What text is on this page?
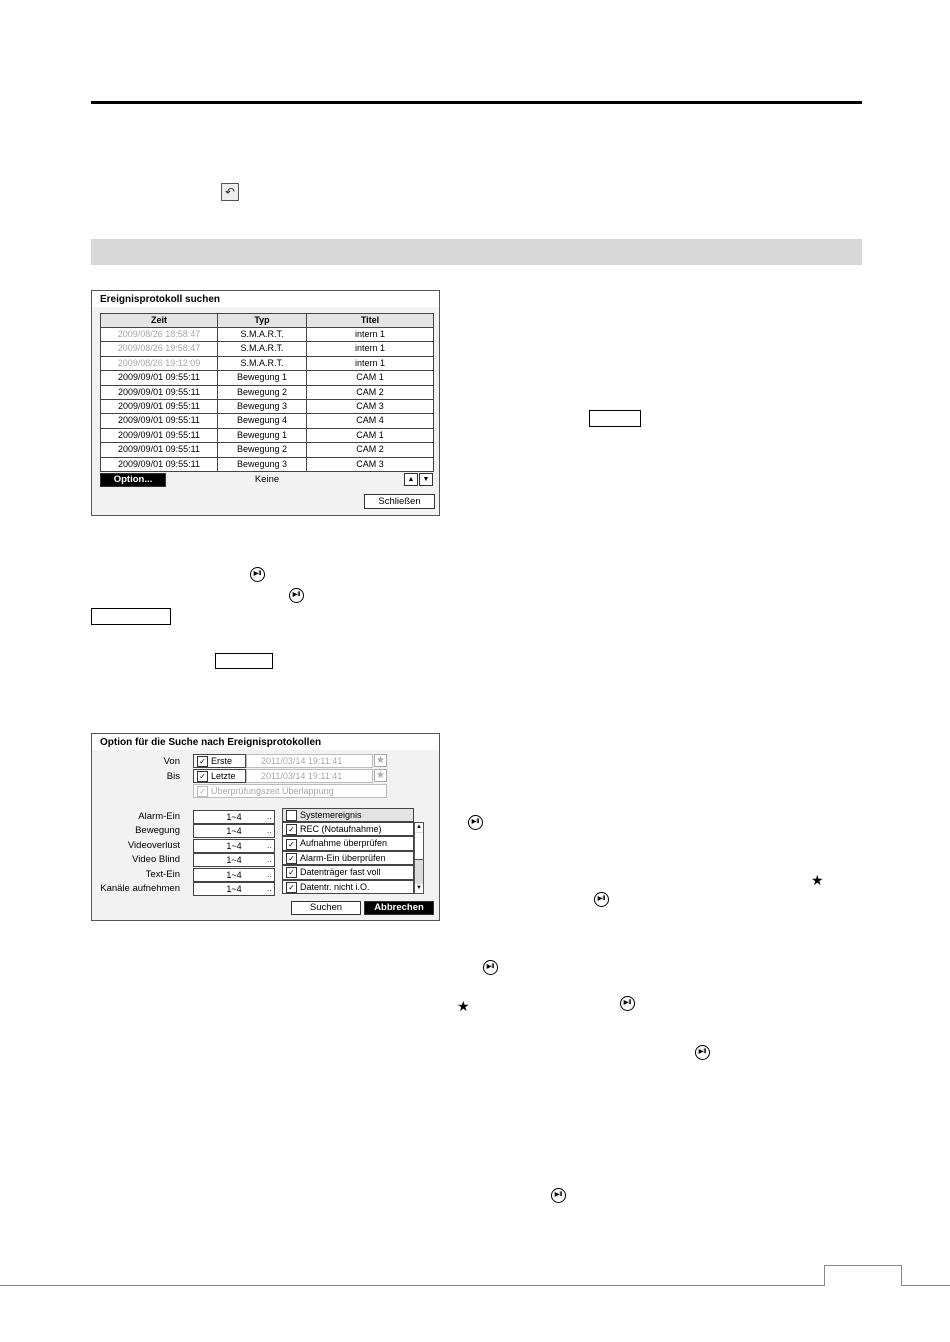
↶
Ereignisprotokoll suchen
Zeit	Typ	Titel
2009/08/26 18:58:47	S.M.A.R.T.	intern 1
2009/08/26 19:58:47	S.M.A.R.T.	intern 1
2009/08/26 19:12:09	S.M.A.R.T.	intern 1
2009/09/01 09:55:11	Bewegung 1	CAM 1
2009/09/01 09:55:11	Bewegung 2	CAM 2
2009/09/01 09:55:11	Bewegung 3	CAM 3
2009/09/01 09:55:11	Bewegung 4	CAM 4
2009/09/01 09:55:11	Bewegung 1	CAM 1
2009/09/01 09:55:11	Bewegung 2	CAM 2
2009/09/01 09:55:11	Bewegung 3	CAM 3
Option...	Keine	▲	▼
Schließen
▶Ⅱ
▶Ⅱ
Option für die Suche nach Ereignisprotokollen
Von	✓ Erste	2011/03/14 19:11:41	★
Bis	✓ Letzte	2011/03/14 19:11:41	★
✓ Überprüfungszeit Überlappung
Alarm-Ein	1~4	..
Bewegung	1~4	..
Videoverlust	1~4	..
Video Blind	1~4	..
Text-Ein	1~4	..
Kanäle aufnehmen	1~4	..
Systemereignis
✓ REC (Notaufnahme)
✓ Aufnahme überprüfen
✓ Alarm-Ein überprüfen
✓ Datenträger fast voll
✓ Datentr. nicht i.O.
▲
▼
Suchen	Abbrechen
▶Ⅱ
★
▶Ⅱ
▶Ⅱ
★	▶Ⅱ
▶Ⅱ
▶Ⅱ
